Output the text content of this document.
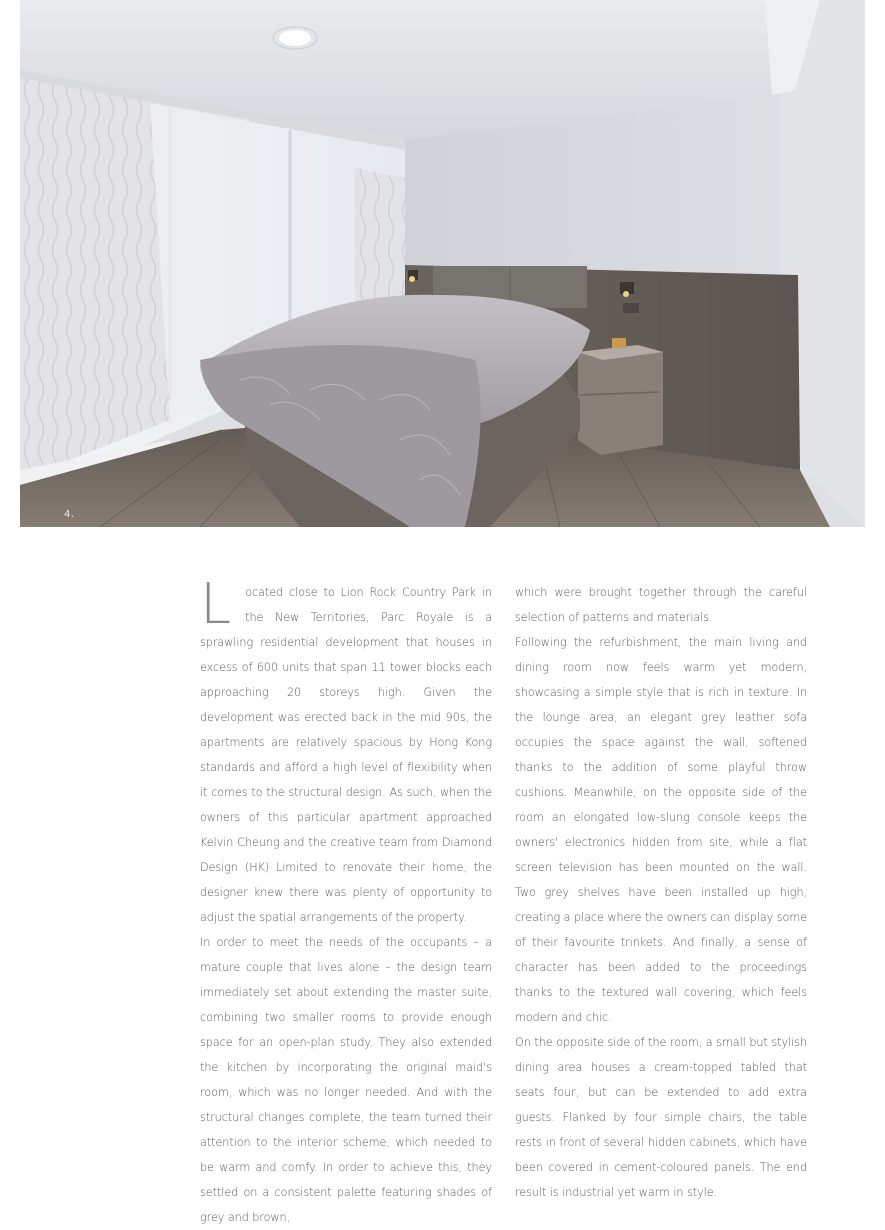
4.

L ocated close to Lion Rock Country Park in the New Territories, Parc Royale is a sprawling residential development that houses in excess of 600 units that span 11 tower blocks each approaching 20 storeys high. Given the development was erected back in the mid 90s, the apartments are relatively spacious by Hong Kong standards and afford a high level of flexibility when it comes to the structural design. As such, when the owners of this particular apartment approached Kelvin Cheung and the creative team from Diamond Design (HK) Limited to renovate their home, the designer knew there was plenty of opportunity to adjust the spatial arrangements of the property.

In order to meet the needs of the occupants – a mature couple that lives alone – the design team immediately set about extending the master suite, combining two smaller rooms to provide enough space for an open-plan study. They also extended the kitchen by incorporating the original maid's room, which was no longer needed. And with the structural changes complete, the team turned their attention to the interior scheme, which needed to be warm and comfy. In order to achieve this, they settled on a consistent palette featuring shades of grey and brown,

which were brought together through the careful selection of patterns and materials.

Following the refurbishment, the main living and dining room now feels warm yet modern, showcasing a simple style that is rich in texture. In the lounge area, an elegant grey leather sofa occupies the space against the wall, softened thanks to the addition of some playful throw cushions. Meanwhile, on the opposite side of the room an elongated low-slung console keeps the owners' electronics hidden from site, while a flat screen television has been mounted on the wall. Two grey shelves have been installed up high, creating a place where the owners can display some of their favourite trinkets. And finally, a sense of character has been added to the proceedings thanks to the textured wall covering, which feels modern and chic.

On the opposite side of the room, a small but stylish dining area houses a cream-topped tabled that seats four, but can be extended to add extra guests. Flanked by four simple chairs, the table rests in front of several hidden cabinets, which have been covered in cement-coloured panels. The end result is industrial yet warm in style.
